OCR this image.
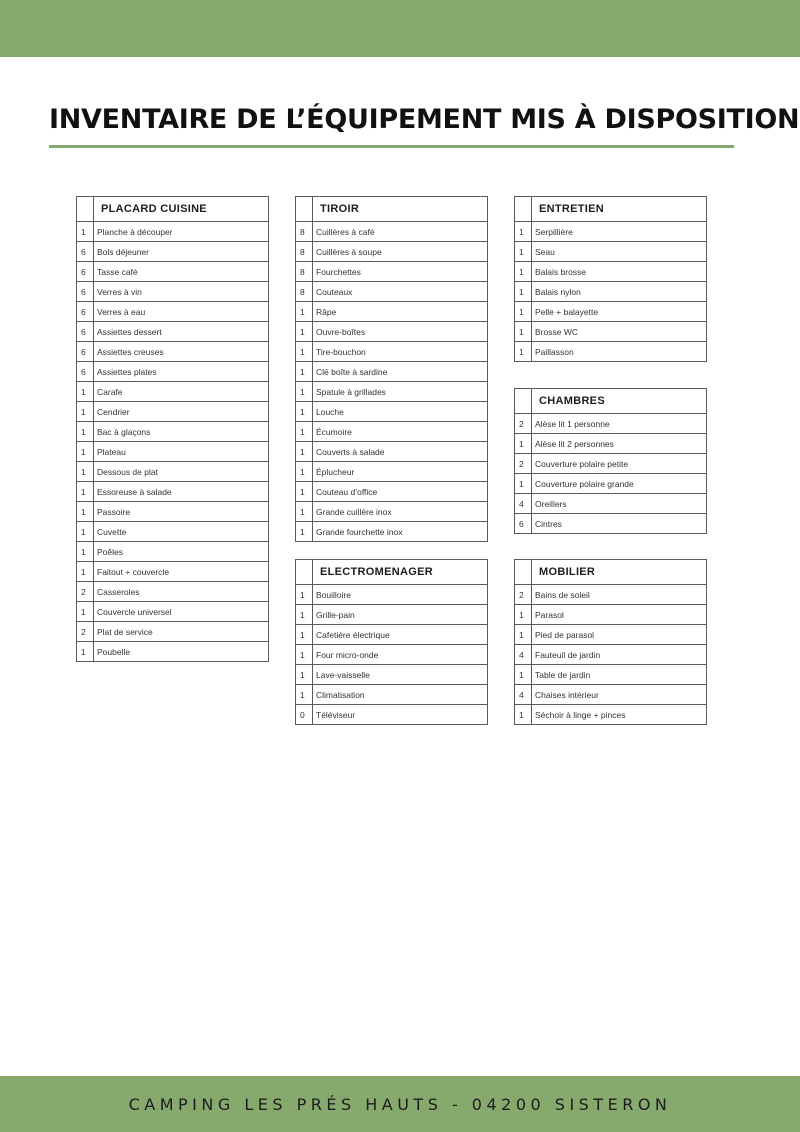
INVENTAIRE DE L’ÉQUIPEMENT MIS À DISPOSITION
	PLACARD CUISINE
1	Planche à découper
6	Bols déjeuner
6	Tasse café
6	Verres à vin
6	Verres à eau
6	Assiettes dessert
6	Assiettes creuses
6	Assiettes plates
1	Carafe
1	Cendrier
1	Bac à glaçons
1	Plateau
1	Dessous de plat
1	Essoreuse à salade
1	Passoire
1	Cuvette
1	Poêles
1	Faitout + couvercle
2	Casseroles
1	Couvercle universel
2	Plat de service
1	Poubelle
	TIROIR
8	Cuillères à café
8	Cuillères à soupe
8	Fourchettes
8	Couteaux
1	Râpe
1	Ouvre-boîtes
1	Tire-bouchon
1	Clé boîte à sardine
1	Spatule à grillades
1	Louche
1	Écumoire
1	Couverts à salade
1	Éplucheur
1	Couteau d’office
1	Grande cuillère inox
1	Grande fourchette inox
	ENTRETIEN
1	Serpillière
1	Seau
1	Balais brosse
1	Balais nylon
1	Pelle + balayette
1	Brosse WC
1	Paillasson
	CHAMBRES
2	Alèse lit 1 personne
1	Alèse lit 2 personnes
2	Couverture polaire petite
1	Couverture polaire grande
4	Oreillers
6	Cintres
	ELECTROMENAGER
1	Bouilloire
1	Grille-pain
1	Cafetière électrique
1	Four micro-onde
1	Lave-vaisselle
1	Climatisation
0	Téléviseur
	MOBILIER
2	Bains de soleil
1	Parasol
1	Pied de parasol
4	Fauteuil de jardin
1	Table de jardin
4	Chaises intérieur
1	Séchoir à linge + pinces
CAMPING LES PRÉS HAUTS - 04200 SISTERON
